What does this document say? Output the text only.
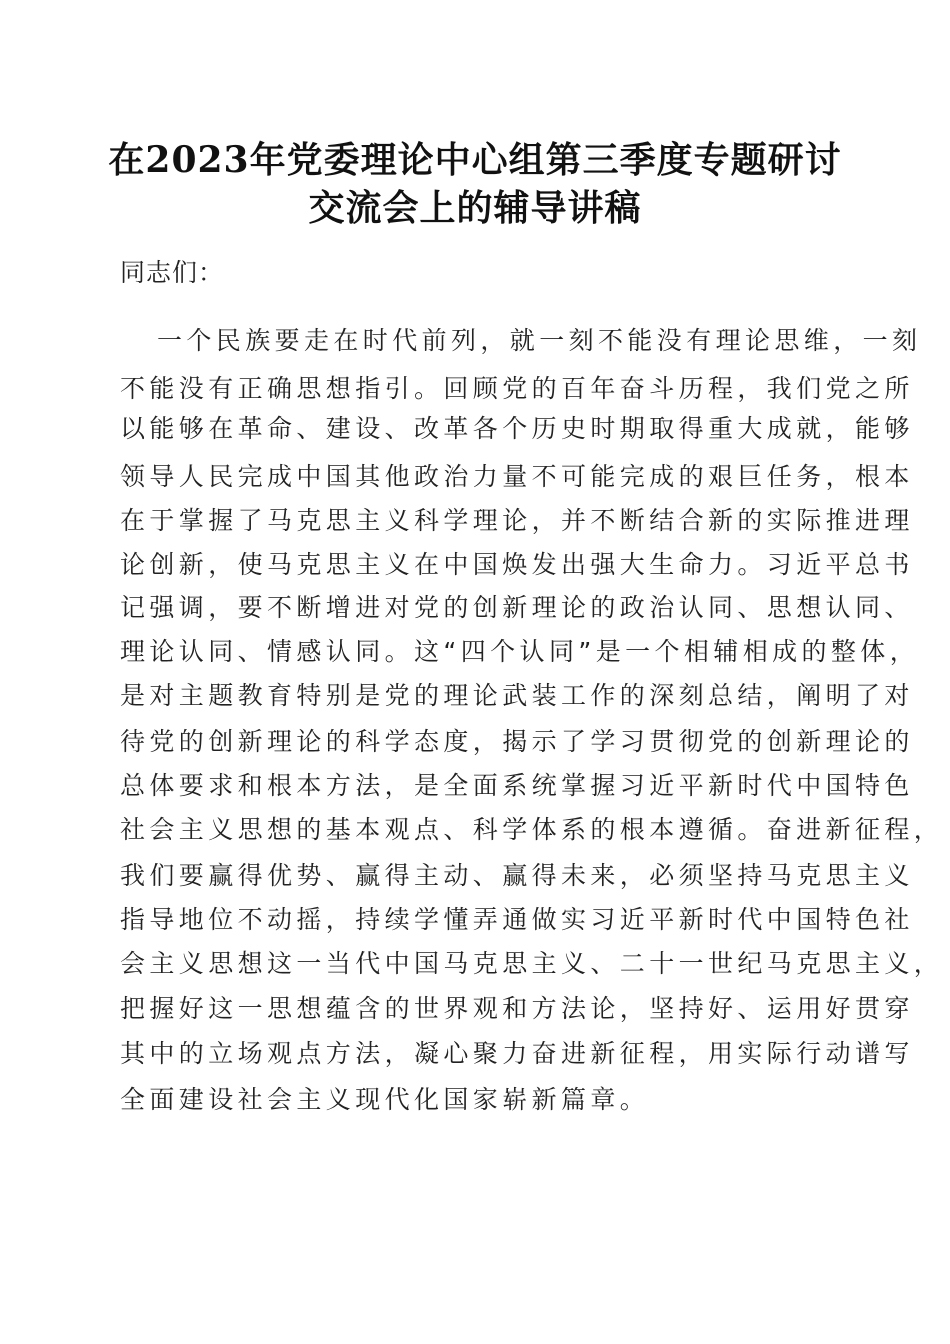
在2023年党委理论中心组第三季度专题研讨
交流会上的辅导讲稿
同志们：
一个民族要走在时代前列，就一刻不能没有理论思维，一刻
不能没有正确思想指引。回顾党的百年奋斗历程，我们党之所
以能够在革命、建设、改革各个历史时期取得重大成就，能够
领导人民完成中国其他政治力量不可能完成的艰巨任务，根本
在于掌握了马克思主义科学理论，并不断结合新的实际推进理
论创新，使马克思主义在中国焕发出强大生命力。习近平总书
记强调，要不断增进对党的创新理论的政治认同、思想认同、
理论认同、情感认同。这“四个认同”是一个相辅相成的整体，
是对主题教育特别是党的理论武装工作的深刻总结，阐明了对
待党的创新理论的科学态度，揭示了学习贯彻党的创新理论的
总体要求和根本方法，是全面系统掌握习近平新时代中国特色
社会主义思想的基本观点、科学体系的根本遵循。奋进新征程，
我们要赢得优势、赢得主动、赢得未来，必须坚持马克思主义
指导地位不动摇，持续学懂弄通做实习近平新时代中国特色社
会主义思想这一当代中国马克思主义、二十一世纪马克思主义，
把握好这一思想蕴含的世界观和方法论，坚持好、运用好贯穿
其中的立场观点方法，凝心聚力奋进新征程，用实际行动谱写
全面建设社会主义现代化国家崭新篇章。
